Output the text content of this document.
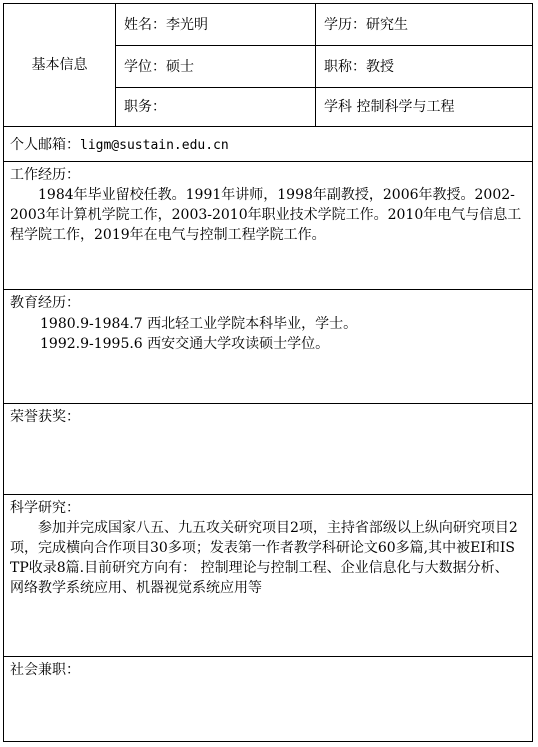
基本信息
姓名：李光明	学历：研究生
学位：硕士	职称：教授
职务：	学科 控制科学与工程
个人邮箱：ligm@sustain.edu.cn
工作经历：
1984年毕业留校任教。1991年讲师，1998年副教授，2006年教授。2002-2003年计算机学院工作，2003-2010年职业技术学院工作。2010年电气与信息工程学院工作，2019年在电气与控制工程学院工作。
教育经历：
1980.9-1984.7 西北轻工业学院本科毕业，学士。
1992.9-1995.6 西安交通大学攻读硕士学位。
荣誉获奖：
科学研究：
参加并完成国家八五、九五攻关研究项目2项，主持省部级以上纵向研究项目2项，完成横向合作项目30多项；发表第一作者教学科研论文60多篇,其中被EI和ISTP收录8篇.目前研究方向有： 控制理论与控制工程、企业信息化与大数据分析、网络教学系统应用、机器视觉系统应用等
社会兼职：
